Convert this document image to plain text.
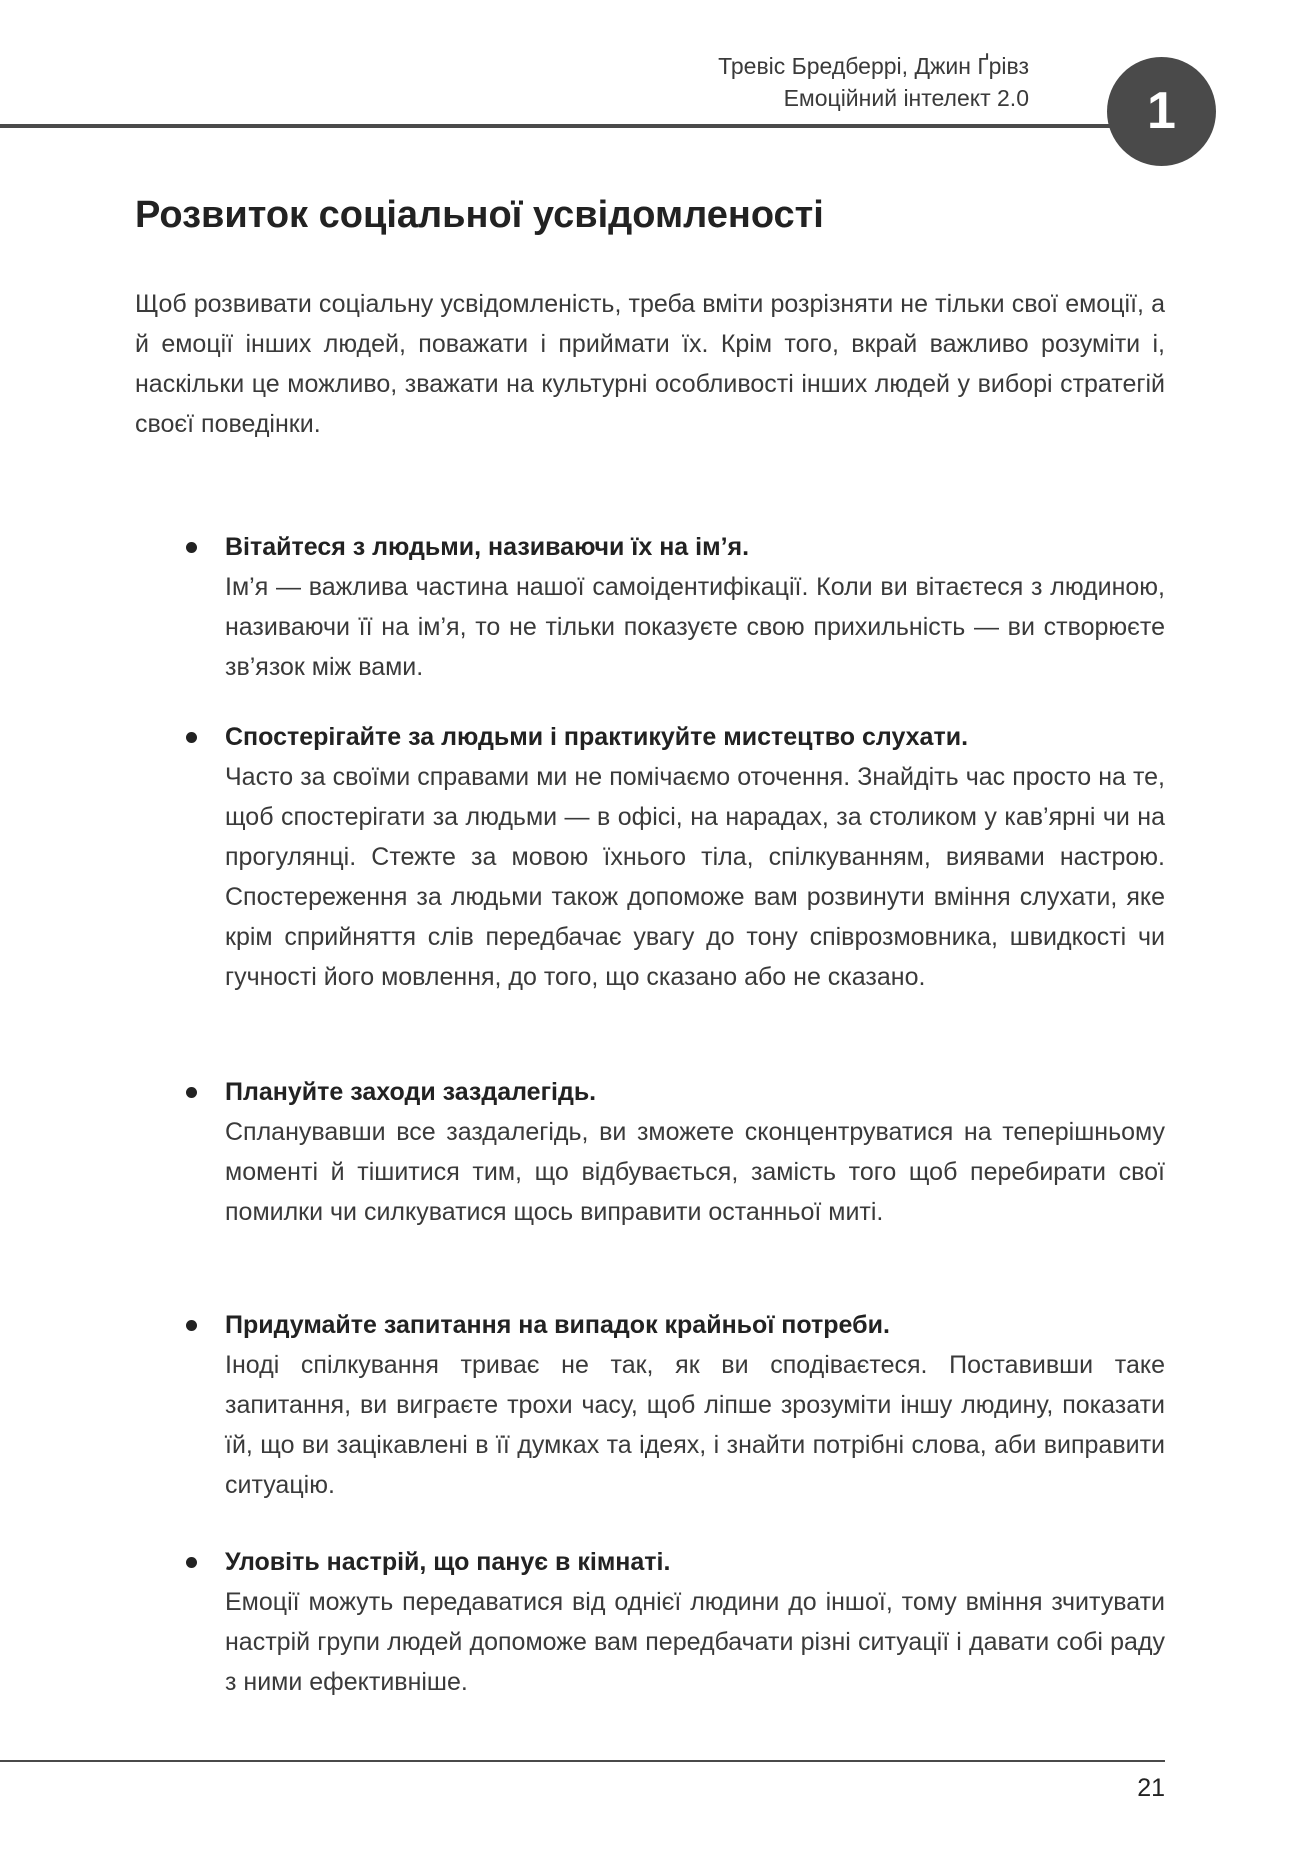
Тревіс Бредберрі, Джин Ґрівз
Емоційний інтелект 2.0	1
Розвиток соціальної усвідомленості

Щоб розвивати соціальну усвідомленість, треба вміти розрізняти не тільки свої емоції, а й емоції інших людей, поважати і приймати їх. Крім того, вкрай важливо розуміти і, наскільки це можливо, зважати на культурні особливості інших людей у виборі стратегій своєї поведінки.

Вітайтеся з людьми, називаючи їх на ім’я.

Ім’я — важлива частина нашої самоідентифікації. Коли ви вітаєтеся з людиною, називаючи її на ім’я, то не тільки показуєте свою прихильність — ви створюєте зв’язок між вами.

Спостерігайте за людьми і практикуйте мистецтво слухати.

Часто за своїми справами ми не помічаємо оточення. Знайдіть час просто на те, щоб спостерігати за людьми — в офісі, на нарадах, за столиком у кав’ярні чи на прогулянці. Стежте за мовою їхнього тіла, спілкуванням, виявами настрою. Спостереження за людьми також допоможе вам розвинути вміння слухати, яке крім сприйняття слів передбачає увагу до тону співрозмовника, швидкості чи гучності його мовлення, до того, що сказано або не сказано.

Плануйте заходи заздалегідь.

Спланувавши все заздалегідь, ви зможете сконцентруватися на теперішньому моменті й тішитися тим, що відбувається, замість того щоб перебирати свої помилки чи силкуватися щось виправити останньої миті.

Придумайте запитання на випадок крайньої потреби.

Іноді спілкування триває не так, як ви сподіваєтеся. Поставивши таке запитання, ви виграєте трохи часу, щоб ліпше зрозуміти іншу людину, показати їй, що ви зацікавлені в її думках та ідеях, і знайти потрібні слова, аби виправити ситуацію.

Уловіть настрій, що панує в кімнаті.

Емоції можуть передаватися від однієї людини до іншої, тому вміння зчитувати настрій групи людей допоможе вам передбачати різні ситуації і давати собі раду з ними ефективніше.

21
